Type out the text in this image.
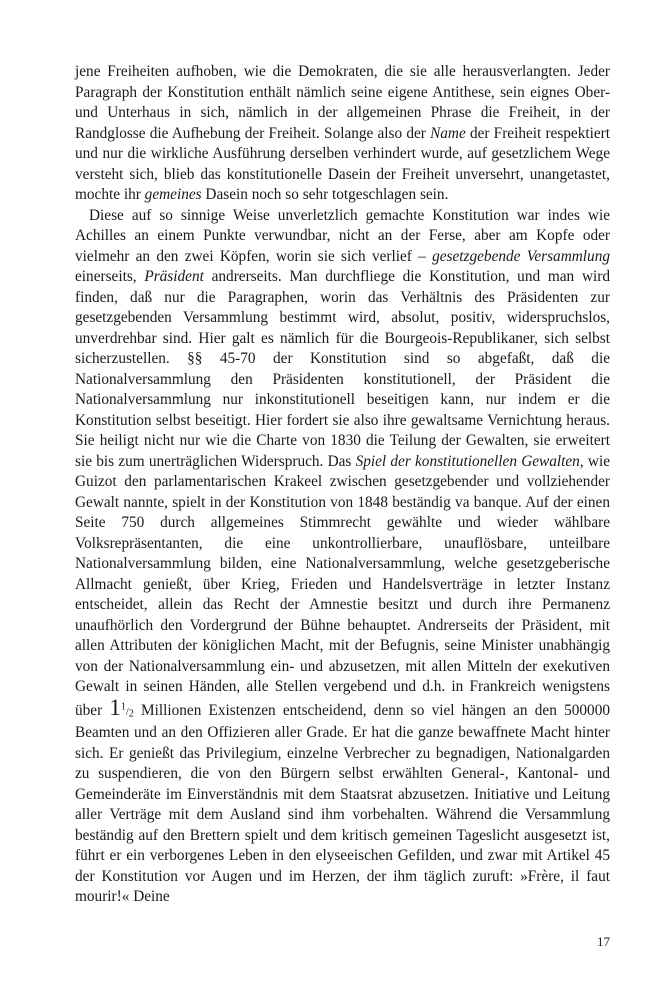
jene Freiheiten aufhoben, wie die Demokraten, die sie alle herausverlangten. Jeder Paragraph der Konstitution enthält nämlich seine eigene Antithese, sein eignes Ober- und Unterhaus in sich, nämlich in der allgemeinen Phrase die Freiheit, in der Randglosse die Aufhebung der Freiheit. Solange also der Name der Freiheit respektiert und nur die wirkliche Ausführung derselben verhindert wurde, auf gesetzlichem Wege versteht sich, blieb das konstitutionelle Dasein der Freiheit unversehrt, unangetastet, mochte ihr gemeines Dasein noch so sehr totgeschlagen sein.

Diese auf so sinnige Weise unverletzlich gemachte Konstitution war indes wie Achilles an einem Punkte verwundbar, nicht an der Ferse, aber am Kopfe oder vielmehr an den zwei Köpfen, worin sie sich verlief – gesetzgebende Versammlung einerseits, Präsident andrerseits. Man durchfliege die Konstitution, und man wird finden, daß nur die Paragraphen, worin das Verhältnis des Präsidenten zur gesetzgebenden Versammlung bestimmt wird, absolut, positiv, widerspruchslos, unverdrehbar sind. Hier galt es nämlich für die Bourgeois-Republikaner, sich selbst sicherzustellen. §§ 45-70 der Konstitution sind so abgefaßt, daß die Nationalversammlung den Präsidenten konstitutionell, der Präsident die Nationalversammlung nur inkonstitutionell beseitigen kann, nur indem er die Konstitution selbst beseitigt. Hier fordert sie also ihre gewaltsame Vernichtung heraus. Sie heiligt nicht nur wie die Charte von 1830 die Teilung der Gewalten, sie erweitert sie bis zum unerträglichen Widerspruch. Das Spiel der konstitutionellen Gewalten, wie Guizot den parlamentarischen Krakeel zwischen gesetzgebender und vollziehender Gewalt nannte, spielt in der Konstitution von 1848 beständig va banque. Auf der einen Seite 750 durch allgemeines Stimmrecht gewählte und wieder wählbare Volksrepräsentanten, die eine unkontrollierbare, unauflösbare, unteilbare Nationalversammlung bilden, eine Nationalversammlung, welche gesetzgeberische Allmacht genießt, über Krieg, Frieden und Handelsverträge in letzter Instanz entscheidet, allein das Recht der Amnestie besitzt und durch ihre Permanenz unaufhörlich den Vordergrund der Bühne behauptet. Andrerseits der Präsident, mit allen Attributen der königlichen Macht, mit der Befugnis, seine Minister unabhängig von der Nationalversammlung ein- und abzusetzen, mit allen Mitteln der exekutiven Gewalt in seinen Händen, alle Stellen vergebend und d.h. in Frankreich wenigstens über $1^1/_2$ Millionen Existenzen entscheidend, denn so viel hängen an den 500000 Beamten und an den Offizieren aller Grade. Er hat die ganze bewaffnete Macht hinter sich. Er genießt das Privilegium, einzelne Verbrecher zu begnadigen, Nationalgarden zu suspendieren, die von den Bürgern selbst erwählten General-, Kantonal- und Gemeinderäte im Einverständnis mit dem Staatsrat abzusetzen. Initiative und Leitung aller Verträge mit dem Ausland sind ihm vorbehalten. Während die Versammlung beständig auf den Brettern spielt und dem kritisch gemeinen Tageslicht ausgesetzt ist, führt er ein verborgenes Leben in den elyseeischen Gefilden, und zwar mit Artikel 45 der Konstitution vor Augen und im Herzen, der ihm täglich zuruft: »Frère, il faut mourir!« Deine

17
